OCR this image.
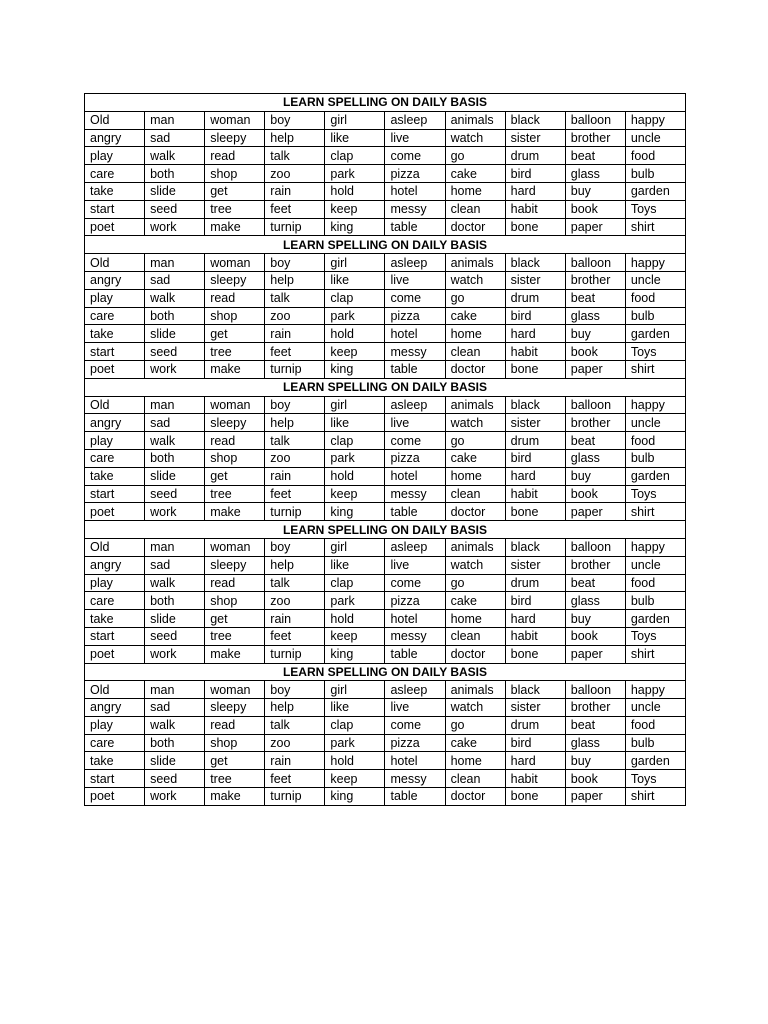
LEARN SPELLING ON DAILY BASIS									
Old	man	woman	boy	girl	asleep	animals	black	balloon	happy
angry	sad	sleepy	help	like	live	watch	sister	brother	uncle
play	walk	read	talk	clap	come	go	drum	beat	food
care	both	shop	zoo	park	pizza	cake	bird	glass	bulb
take	slide	get	rain	hold	hotel	home	hard	buy	garden
start	seed	tree	feet	keep	messy	clean	habit	book	Toys
poet	work	make	turnip	king	table	doctor	bone	paper	shirt
LEARN SPELLING ON DAILY BASIS									
Old	man	woman	boy	girl	asleep	animals	black	balloon	happy
angry	sad	sleepy	help	like	live	watch	sister	brother	uncle
play	walk	read	talk	clap	come	go	drum	beat	food
care	both	shop	zoo	park	pizza	cake	bird	glass	bulb
take	slide	get	rain	hold	hotel	home	hard	buy	garden
start	seed	tree	feet	keep	messy	clean	habit	book	Toys
poet	work	make	turnip	king	table	doctor	bone	paper	shirt
LEARN SPELLING ON DAILY BASIS									
Old	man	woman	boy	girl	asleep	animals	black	balloon	happy
angry	sad	sleepy	help	like	live	watch	sister	brother	uncle
play	walk	read	talk	clap	come	go	drum	beat	food
care	both	shop	zoo	park	pizza	cake	bird	glass	bulb
take	slide	get	rain	hold	hotel	home	hard	buy	garden
start	seed	tree	feet	keep	messy	clean	habit	book	Toys
poet	work	make	turnip	king	table	doctor	bone	paper	shirt
LEARN SPELLING ON DAILY BASIS									
Old	man	woman	boy	girl	asleep	animals	black	balloon	happy
angry	sad	sleepy	help	like	live	watch	sister	brother	uncle
play	walk	read	talk	clap	come	go	drum	beat	food
care	both	shop	zoo	park	pizza	cake	bird	glass	bulb
take	slide	get	rain	hold	hotel	home	hard	buy	garden
start	seed	tree	feet	keep	messy	clean	habit	book	Toys
poet	work	make	turnip	king	table	doctor	bone	paper	shirt
LEARN SPELLING ON DAILY BASIS									
Old	man	woman	boy	girl	asleep	animals	black	balloon	happy
angry	sad	sleepy	help	like	live	watch	sister	brother	uncle
play	walk	read	talk	clap	come	go	drum	beat	food
care	both	shop	zoo	park	pizza	cake	bird	glass	bulb
take	slide	get	rain	hold	hotel	home	hard	buy	garden
start	seed	tree	feet	keep	messy	clean	habit	book	Toys
poet	work	make	turnip	king	table	doctor	bone	paper	shirt
